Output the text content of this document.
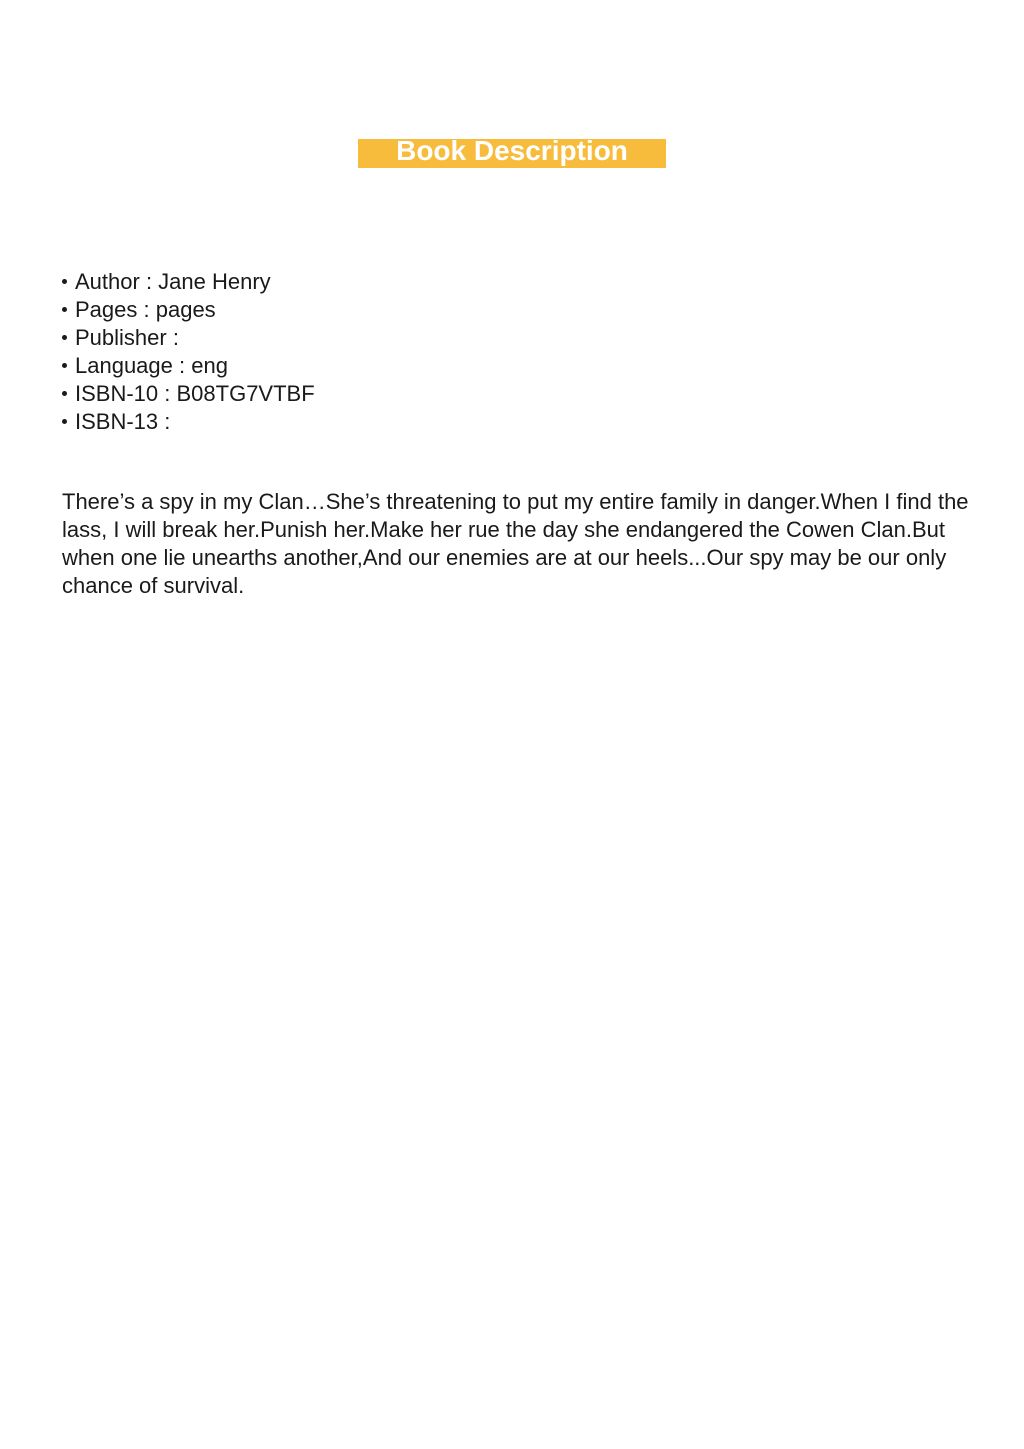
Book Description
Author : Jane Henry
Pages : pages
Publisher :
Language : eng
ISBN-10 : B08TG7VTBF
ISBN-13 :

There’s a spy in my Clan…She’s threatening to put my entire family in danger.When I find the lass, I will break her.Punish her.Make her rue the day she endangered the Cowen Clan.But when one lie unearths another,And our enemies are at our heels...Our spy may be our only chance of survival.
